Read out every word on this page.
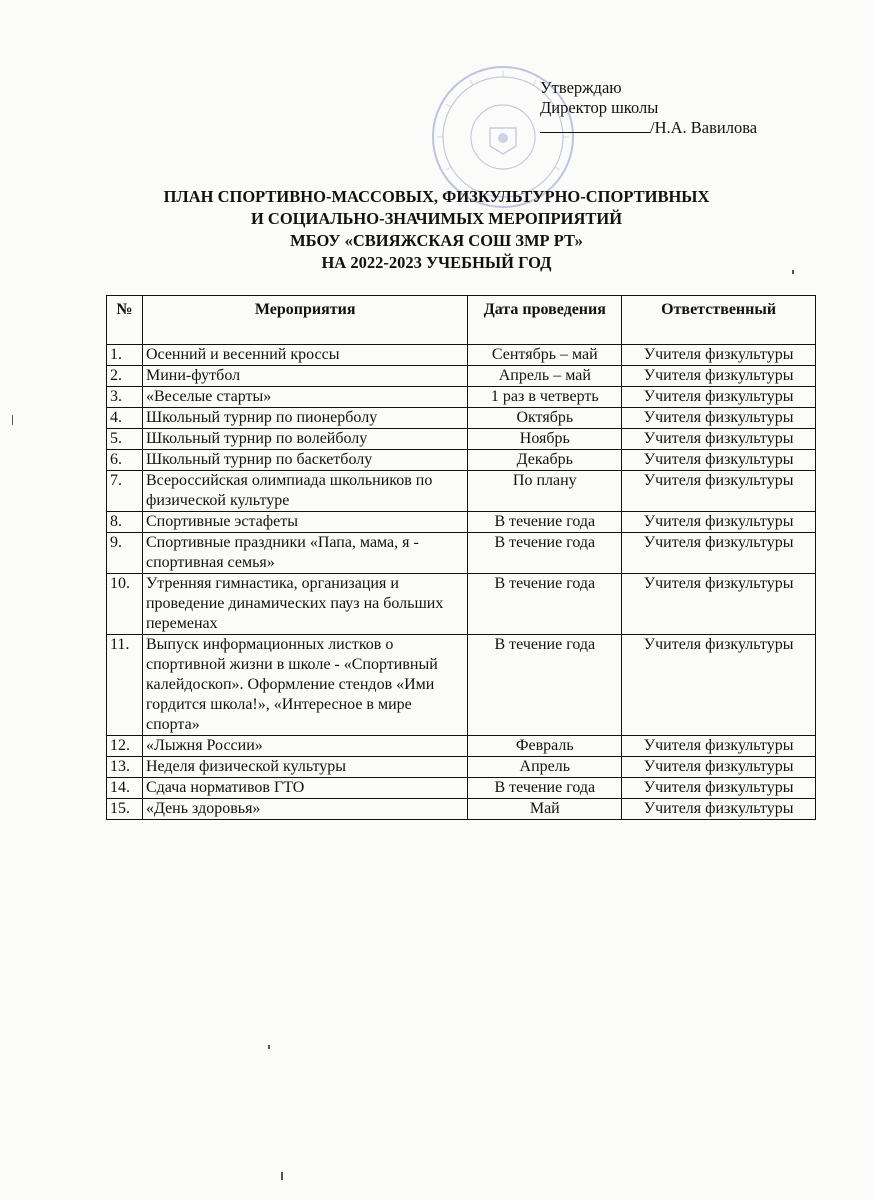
Утверждаю
Директор школы
/Н.А. Вавилова
ПЛАН СПОРТИВНО-МАССОВЫХ, ФИЗКУЛЬТУРНО-СПОРТИВНЫХ
И СОЦИАЛЬНО-ЗНАЧИМЫХ МЕРОПРИЯТИЙ
МБОУ «СВИЯЖСКАЯ СОШ ЗМР РТ»
НА 2022-2023 УЧЕБНЫЙ ГОД
№	Мероприятия	Дата проведения	Ответственный
1.	Осенний и весенний кроссы	Сентябрь – май	Учителя физкультуры
2.	Мини-футбол	Апрель – май	Учителя физкультуры
3.	«Веселые старты»	1 раз в четверть	Учителя физкультуры
4.	Школьный турнир по пионерболу	Октябрь	Учителя физкультуры
5.	Школьный турнир по волейболу	Ноябрь	Учителя физкультуры
6.	Школьный турнир по баскетболу	Декабрь	Учителя физкультуры
7.	Всероссийская олимпиада школьников по физической культуре	По плану	Учителя физкультуры
8.	Спортивные эстафеты	В течение года	Учителя физкультуры
9.	Спортивные праздники «Папа, мама, я - спортивная семья»	В течение года	Учителя физкультуры
10.	Утренняя гимнастика, организация и проведение динамических пауз на больших переменах	В течение года	Учителя физкультуры
11.	Выпуск информационных листков о спортивной жизни в школе - «Спортивный калейдоскоп». Оформление стендов «Ими гордится школа!», «Интересное в мире спорта»	В течение года	Учителя физкультуры
12.	«Лыжня России»	Февраль	Учителя физкультуры
13.	Неделя физической культуры	Апрель	Учителя физкультуры
14.	Сдача нормативов ГТО	В течение года	Учителя физкультуры
15.	«День здоровья»	Май	Учителя физкультуры
